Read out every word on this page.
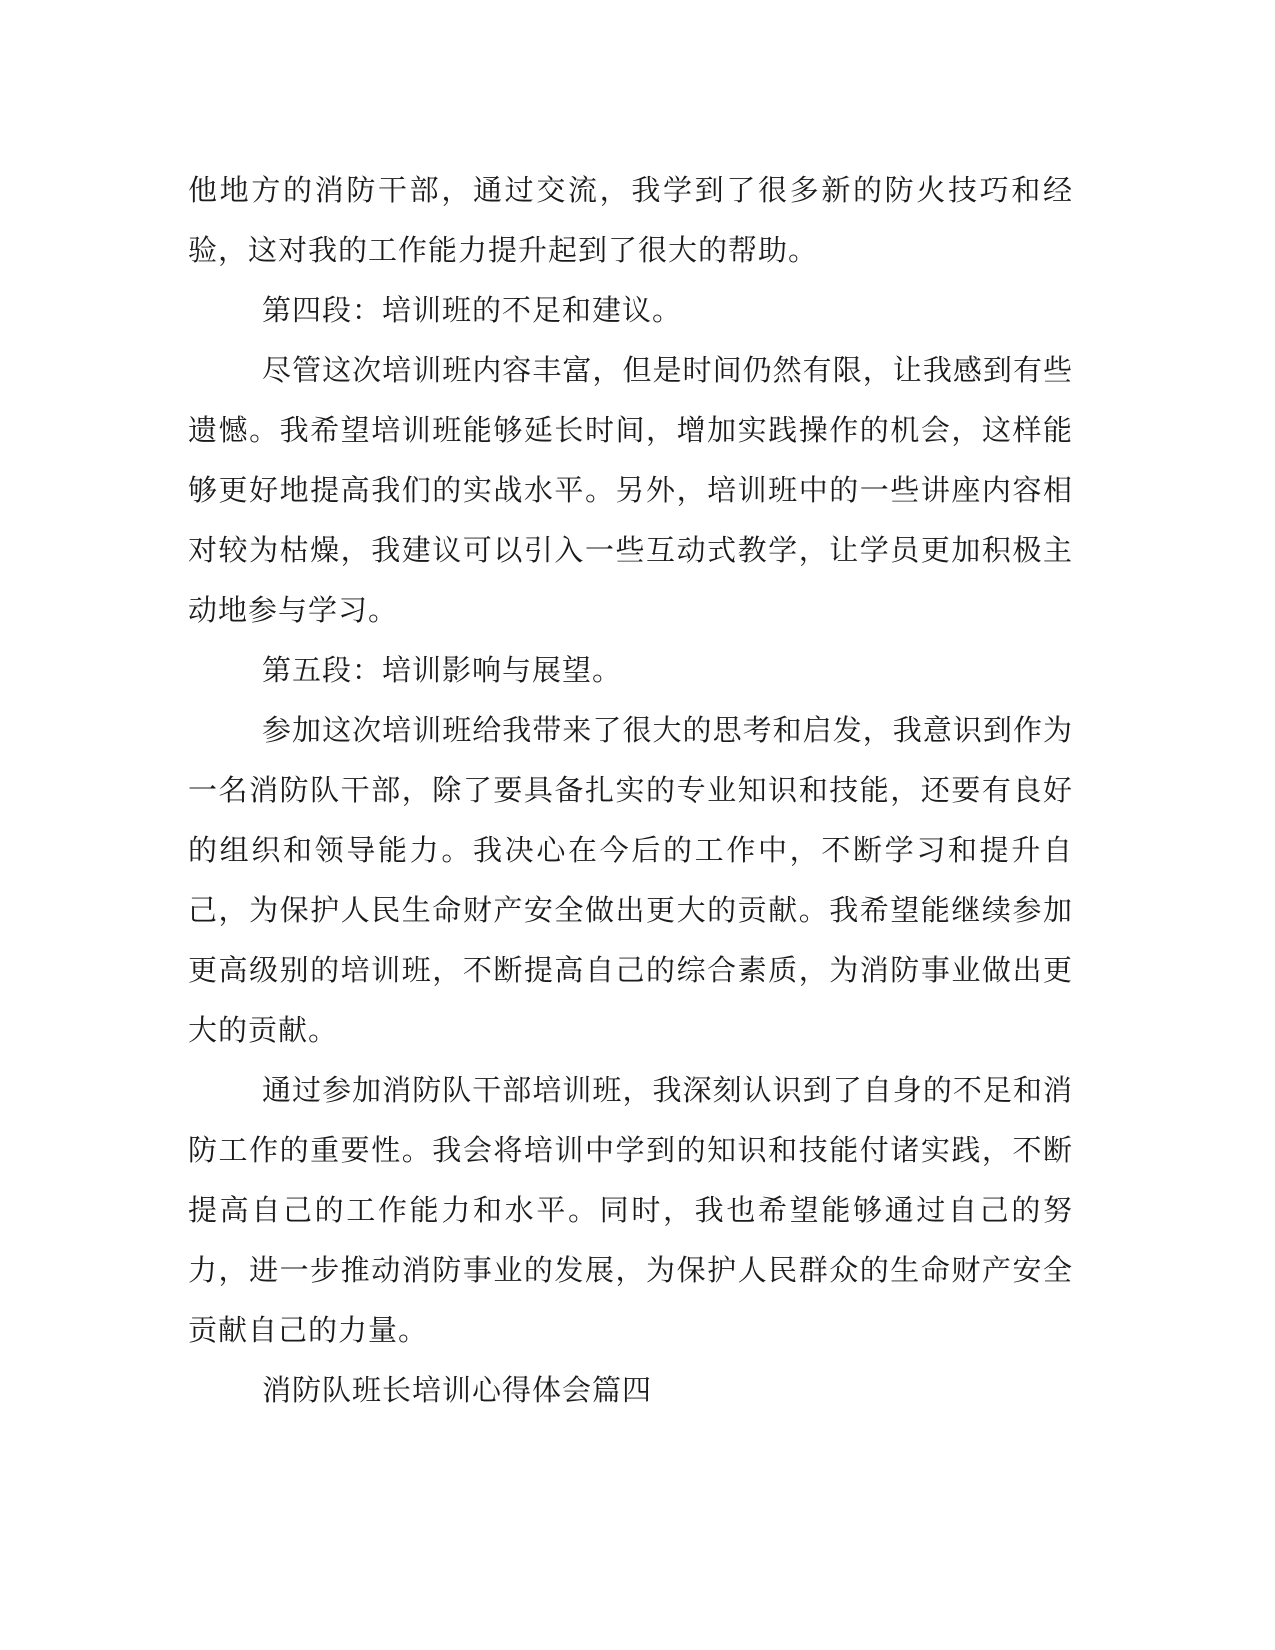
他地方的消防干部，通过交流，我学到了很多新的防火技巧和经验，这对我的工作能力提升起到了很大的帮助。

第四段：培训班的不足和建议。

尽管这次培训班内容丰富，但是时间仍然有限，让我感到有些遗憾。我希望培训班能够延长时间，增加实践操作的机会，这样能够更好地提高我们的实战水平。另外，培训班中的一些讲座内容相对较为枯燥，我建议可以引入一些互动式教学，让学员更加积极主动地参与学习。

第五段：培训影响与展望。

参加这次培训班给我带来了很大的思考和启发，我意识到作为一名消防队干部，除了要具备扎实的专业知识和技能，还要有良好的组织和领导能力。我决心在今后的工作中，不断学习和提升自己，为保护人民生命财产安全做出更大的贡献。我希望能继续参加更高级别的培训班，不断提高自己的综合素质，为消防事业做出更大的贡献。

通过参加消防队干部培训班，我深刻认识到了自身的不足和消防工作的重要性。我会将培训中学到的知识和技能付诸实践，不断提高自己的工作能力和水平。同时，我也希望能够通过自己的努力，进一步推动消防事业的发展，为保护人民群众的生命财产安全贡献自己的力量。

消防队班长培训心得体会篇四
